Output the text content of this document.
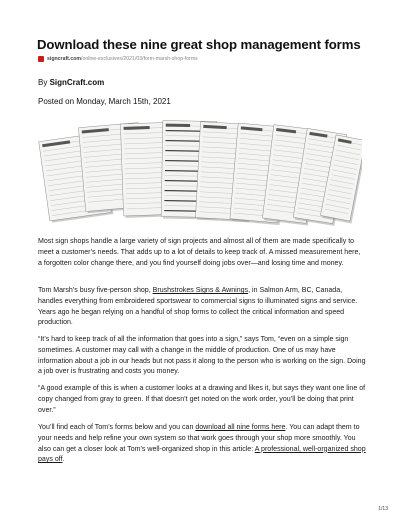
Download these nine great shop management forms
signcraft.com /online-exclusives/2021/03/form-marsh-shop-forms
By SignCraft.com
Posted on Monday, March 15th, 2021
Most sign shops handle a large variety of sign projects and almost all of them are made specifically to meet a customer’s needs. That adds up to a lot of details to keep track of. A missed measurement here, a forgotten color change there, and you find yourself doing jobs over—and losing time and money.
Tom Marsh’s busy five-person shop, Brushstrokes Signs & Awnings, in Salmon Arm, BC, Canada, handles everything from embroidered sportswear to commercial signs to illuminated signs and service. Years ago he began relying on a handful of shop forms to collect the critical information and speed production.
“It’s hard to keep track of all the information that goes into a sign,” says Tom, “even on a simple sign sometimes. A customer may call with a change in the middle of production. One of us may have information about a job in our heads but not pass it along to the person who is working on the sign. Doing a job over is frustrating and costs you money.
“A good example of this is when a customer looks at a drawing and likes it, but says they want one line of copy changed from gray to green. If that doesn’t get noted on the work order, you’ll be doing that print over.”
You’ll find each of Tom’s forms below and you can download all nine forms here. You can adapt them to your needs and help refine your own system so that work goes through your shop more smoothly. You also can get a closer look at Tom’s well-organized shop in this article: A professional, well-organized shop pays off.
1/13
